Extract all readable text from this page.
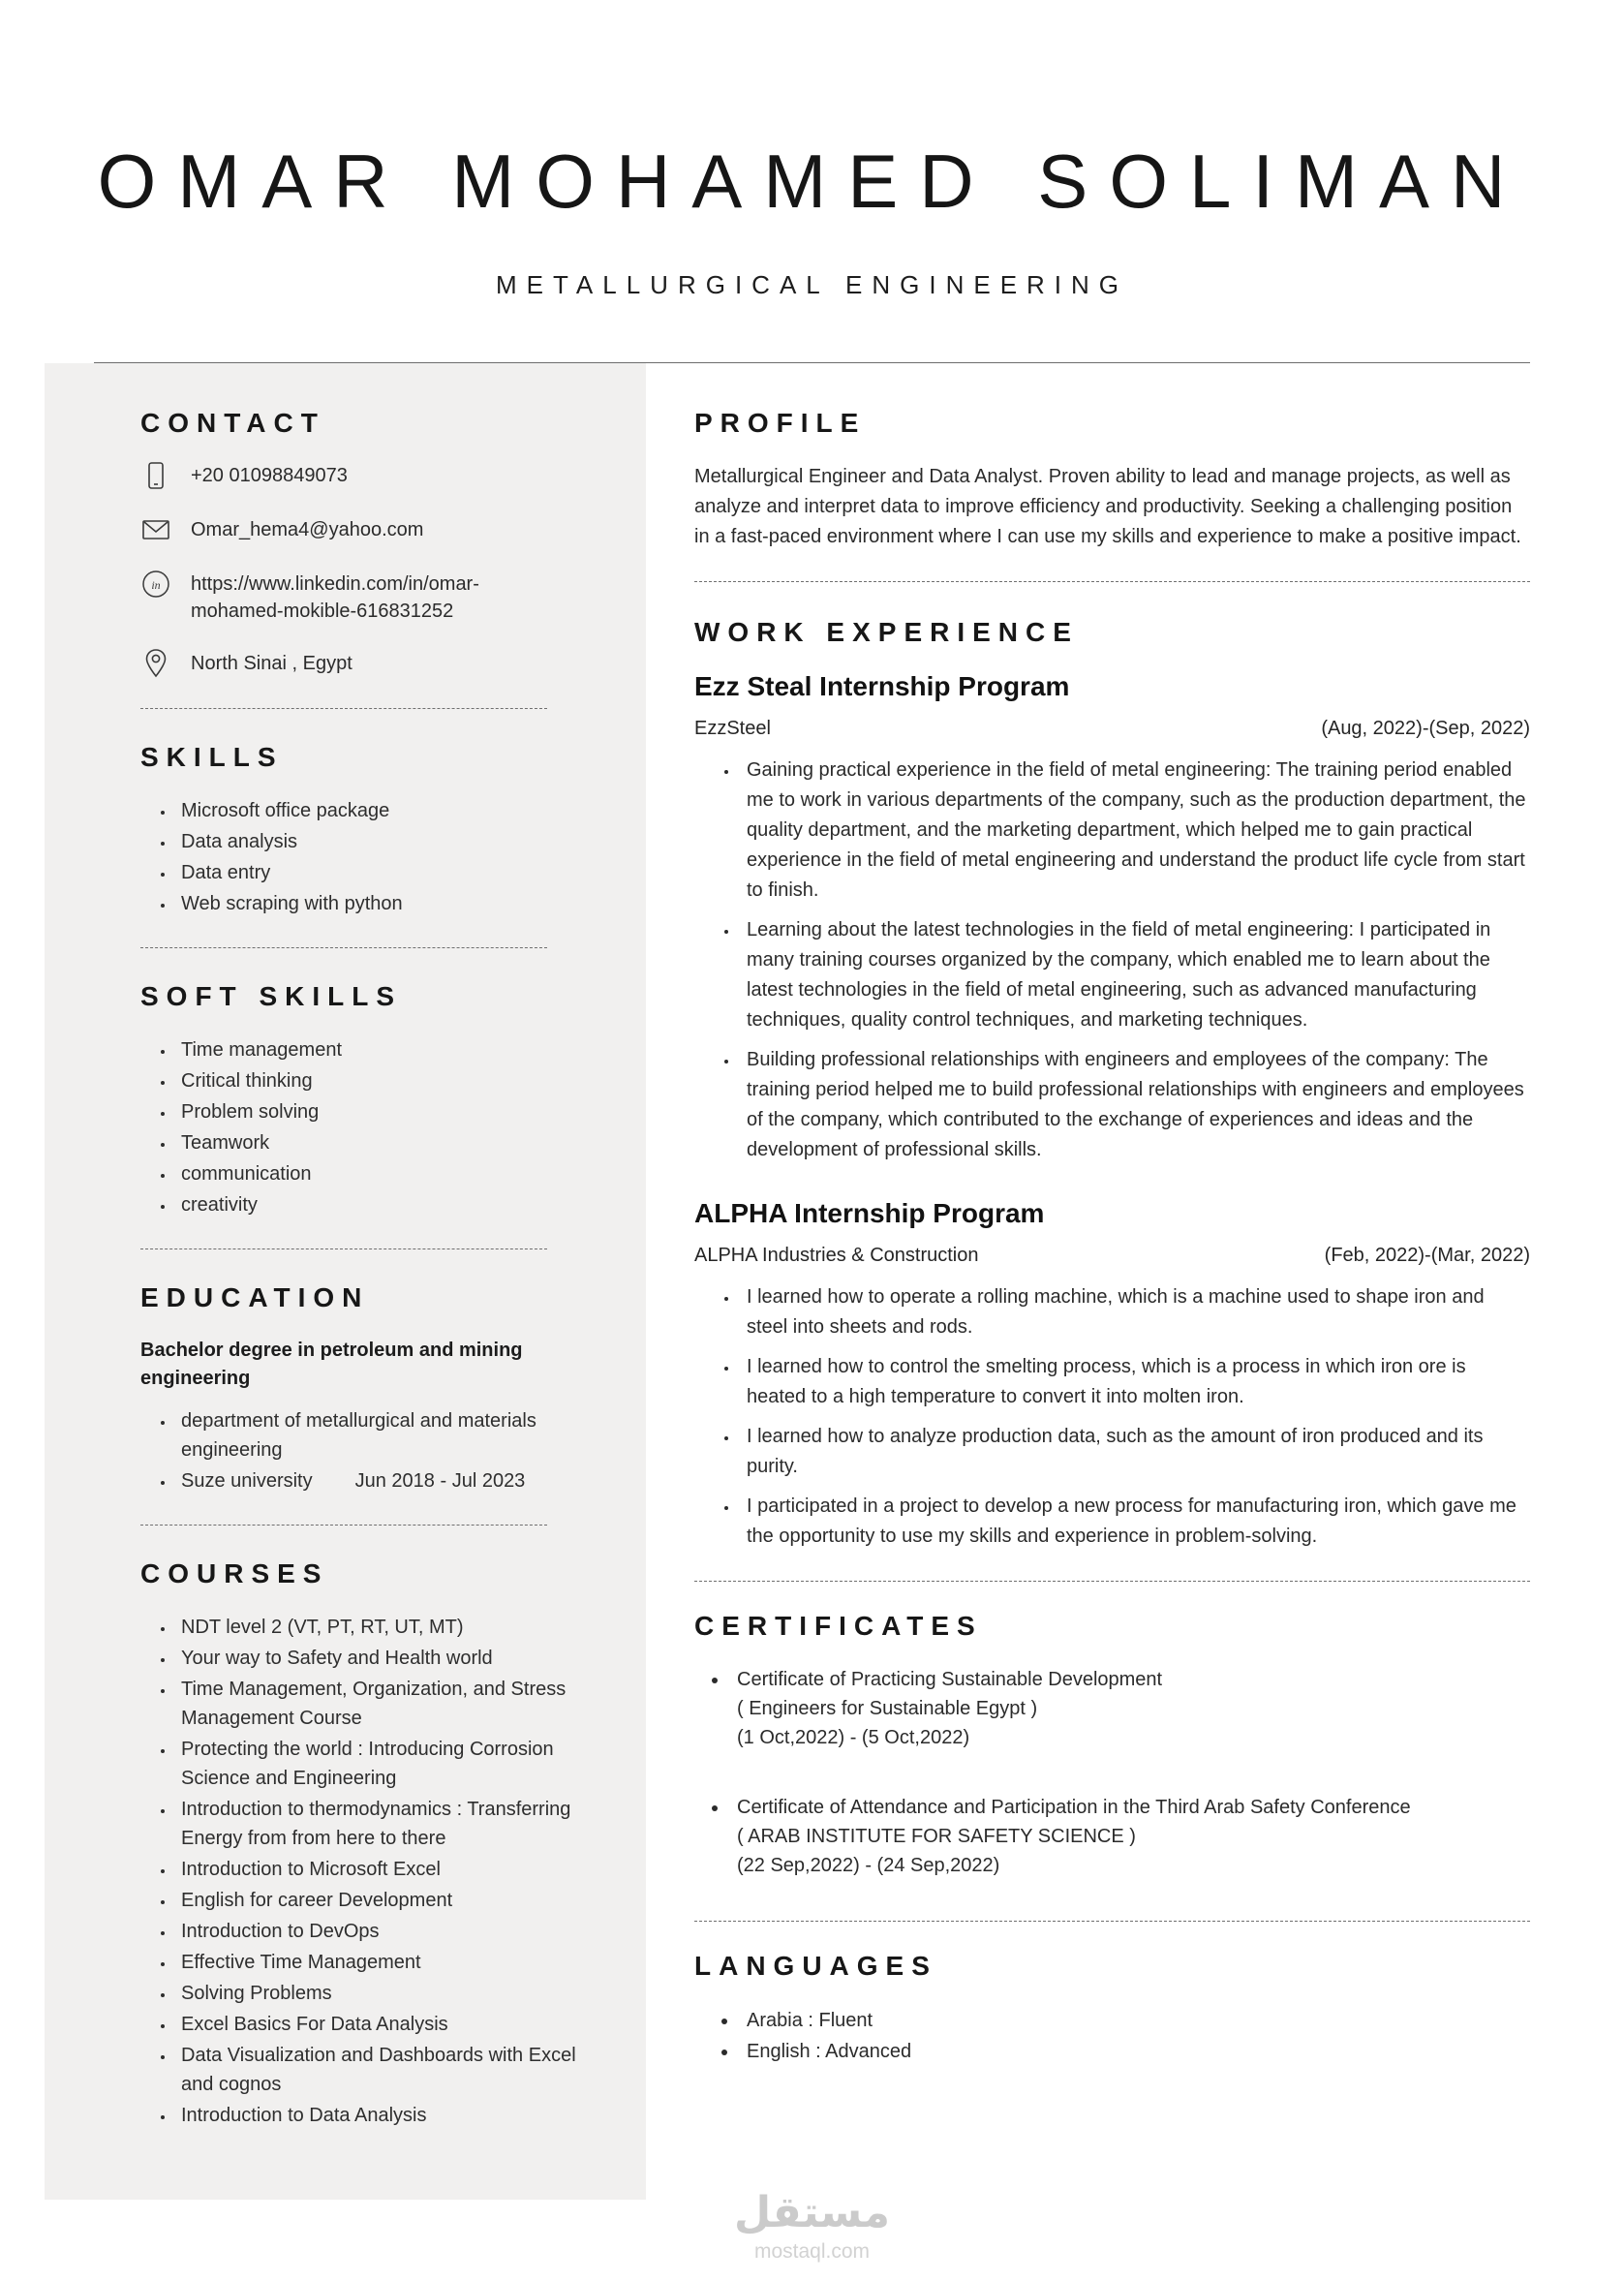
OMAR MOHAMED SOLIMAN
METALLURGICAL ENGINEERING
CONTACT
+20 01098849073
Omar_hema4@yahoo.com
in https://www.linkedin.com/in/omar-mohamed-mokible-616831252
North Sinai , Egypt
SKILLS
• Microsoft office package
• Data analysis
• Data entry
• Web scraping with python
SOFT SKILLS
• Time management
• Critical thinking
• Problem solving
• Teamwork
• communication
• creativity
EDUCATION
Bachelor degree in petroleum and mining engineering
• department of metallurgical and materials engineering
• Suze university Jun 2018 - Jul 2023
COURSES
• NDT level 2 (VT, PT, RT, UT, MT)
• Your way to Safety and Health world
• Time Management, Organization, and Stress Management Course
• Protecting the world : Introducing Corrosion Science and Engineering
• Introduction to thermodynamics : Transferring Energy from from here to there
• Introduction to Microsoft Excel
• English for career Development
• Introduction to DevOps
• Effective Time Management
• Solving Problems
• Excel Basics For Data Analysis
• Data Visualization and Dashboards with Excel and cognos
• Introduction to Data Analysis
PROFILE

Metallurgical Engineer and Data Analyst. Proven ability to lead and manage projects, as well as analyze and interpret data to improve efficiency and productivity. Seeking a challenging position in a fast-paced environment where I can use my skills and experience to make a positive impact.

WORK EXPERIENCE
Ezz Steal Internship Program
EzzSteel	(Aug, 2022)-(Sep, 2022)
• Gaining practical experience in the field of metal engineering: The training period enabled me to work in various departments of the company, such as the production department, the quality department, and the marketing department, which helped me to gain practical experience in the field of metal engineering and understand the product life cycle from start to finish.
• Learning about the latest technologies in the field of metal engineering: I participated in many training courses organized by the company, which enabled me to learn about the latest technologies in the field of metal engineering, such as advanced manufacturing techniques, quality control techniques, and marketing techniques.
• Building professional relationships with engineers and employees of the company: The training period helped me to build professional relationships with engineers and employees of the company, which contributed to the exchange of experiences and ideas and the development of professional skills.
ALPHA Internship Program
ALPHA Industries & Construction	(Feb, 2022)-(Mar, 2022)
• I learned how to operate a rolling machine, which is a machine used to shape iron and steel into sheets and rods.
• I learned how to control the smelting process, which is a process in which iron ore is heated to a high temperature to convert it into molten iron.
• I learned how to analyze production data, such as the amount of iron produced and its purity.
• I participated in a project to develop a new process for manufacturing iron, which gave me the opportunity to use my skills and experience in problem-solving.
CERTIFICATES
• Certificate of Practicing Sustainable Development
( Engineers for Sustainable Egypt )
(1 Oct,2022) - (5 Oct,2022)
• Certificate of Attendance and Participation in the Third Arab Safety Conference
( ARAB INSTITUTE FOR SAFETY SCIENCE )
(22 Sep,2022) - (24 Sep,2022)
LANGUAGES
• Arabia : Fluent
• English : Advanced
مستقل
mostaql.com
